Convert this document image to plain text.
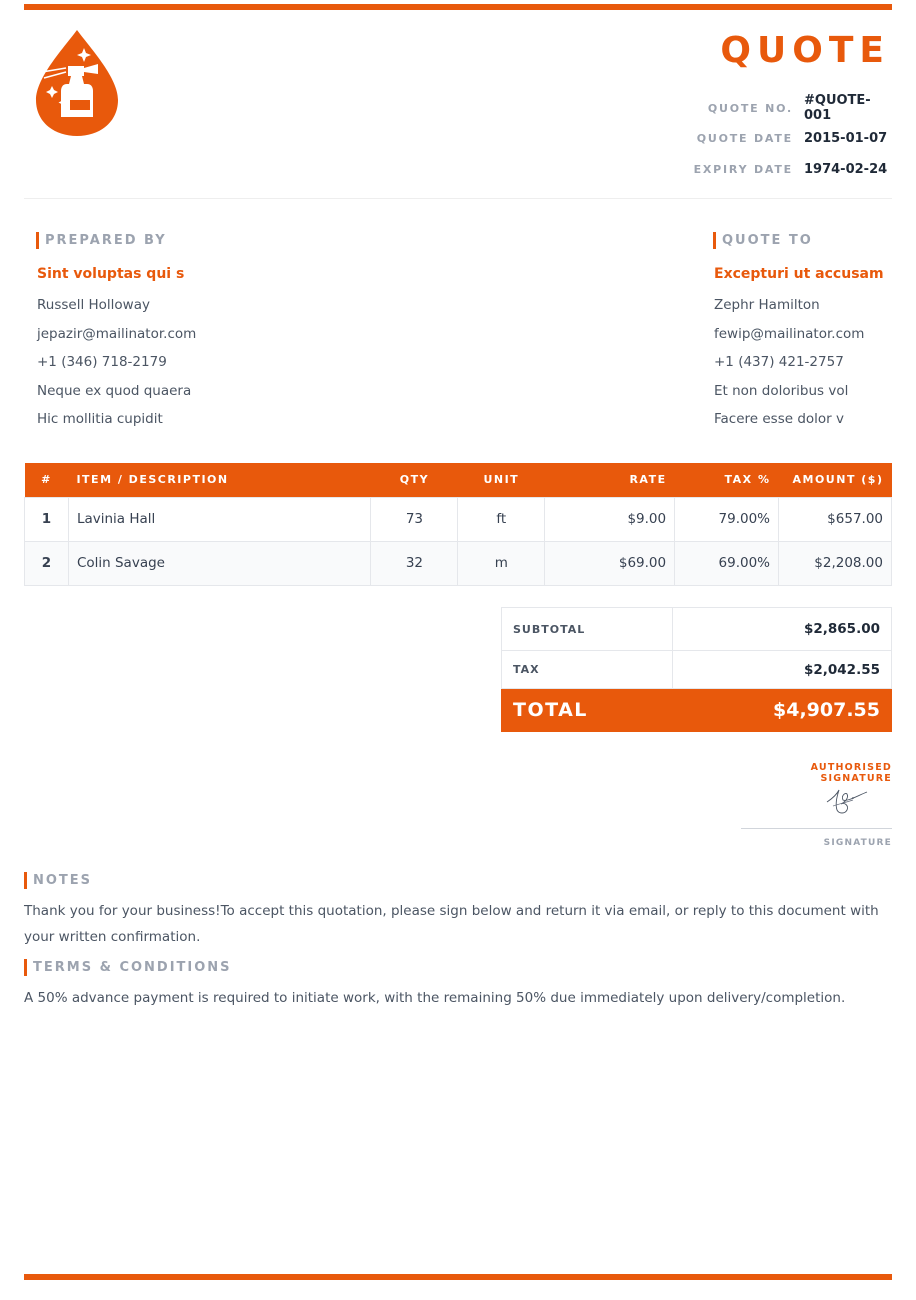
QUOTE
QUOTE NO. #QUOTE-001
QUOTE DATE 2015-01-07
EXPIRY DATE 1974-02-24
PREPARED BY
Sint voluptas qui s
Russell Holloway
jepazir@mailinator.com
+1 (346) 718-2179
Neque ex quod quaera
Hic mollitia cupidit
QUOTE TO
Excepturi ut accusam
Zephr Hamilton
fewip@mailinator.com
+1 (437) 421-2757
Et non doloribus vol
Facere esse dolor v
#	ITEM / DESCRIPTION	QTY	UNIT	RATE	TAX %	AMOUNT ($)
1	Lavinia Hall	73	ft	$9.00	79.00%	$657.00
2	Colin Savage	32	m	$69.00	69.00%	$2,208.00
SUBTOTAL	$2,865.00
TAX	$2,042.55
TOTAL	$4,907.55
AUTHORISED SIGNATURE
SIGNATURE
NOTES
Thank you for your business!To accept this quotation, please sign below and return it via email, or reply to this document with your written confirmation.
TERMS & CONDITIONS
A 50% advance payment is required to initiate work, with the remaining 50% due immediately upon delivery/completion.
